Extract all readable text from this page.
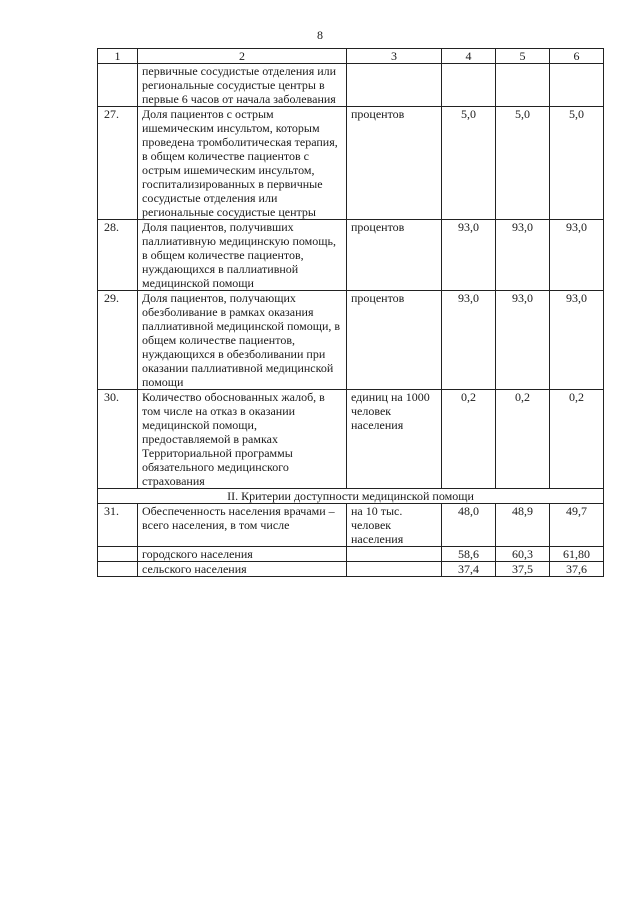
8
1	2	3	4	5	6
	первичные сосудистые отделения или региональные сосудистые центры в первые 6 часов от начала заболевания				
27.	Доля пациентов с острым ишемическим инсультом, которым проведена тромболитическая терапия, в общем количестве пациентов с острым ишемическим инсультом, госпитализированных в первичные сосудистые отделения или региональные сосудистые центры	процентов	5,0	5,0	5,0
28.	Доля пациентов, получивших паллиативную медицинскую помощь, в общем количестве пациентов, нуждающихся в паллиативной медицинской помощи	процентов	93,0	93,0	93,0
29.	Доля пациентов, получающих обезболивание в рамках оказания паллиативной медицинской помощи, в общем количестве пациентов, нуждающихся в обезболивании при оказании паллиативной медицинской помощи	процентов	93,0	93,0	93,0
30.	Количество обоснованных жалоб, в том числе на отказ в оказании медицинской помощи, предоставляемой в рамках Территориальной программы обязательного медицинского страхования	единиц на 1000 человек населения	0,2	0,2	0,2
II. Критерии доступности медицинской помощи					
31.	Обеспеченность населения врачами – всего населения, в том числе	на 10 тыс. человек населения	48,0	48,9	49,7
	городского населения		58,6	60,3	61,80
	сельского населения		37,4	37,5	37,6
